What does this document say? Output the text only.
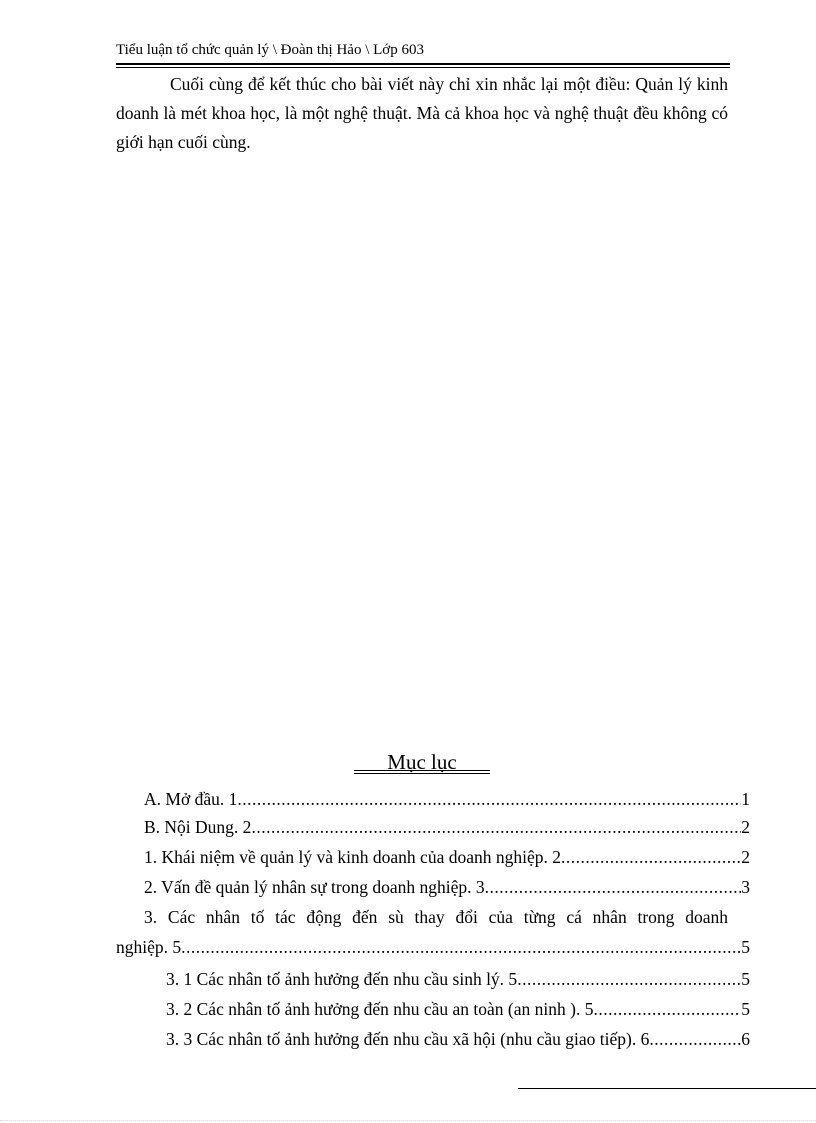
Tiểu luận tổ chức quản lý \ Đoàn thị Hảo \ Lớp 603

Cuối cùng để kết thúc cho bài viết này chỉ xin nhắc lại một điều: Quản lý kinh doanh là mét khoa học, là một nghệ thuật. Mà cả khoa học và nghệ thuật đều không có giới hạn cuối cùng.

Mục lục
A. Mở đầu. 1 .....	1
B. Nội Dung. 2 .....	2
1. Khái niệm về quản lý và kinh doanh của doanh nghiệp. 2 .....	2
2. Vấn đề quản lý nhân sự trong doanh nghiệp. 3 .....	3
3. Các nhân tố tác động đến sù thay đổi của từng cá nhân trong doanh
nghiệp. 5 .....	5
3. 1 Các nhân tố ảnh hưởng đến nhu cầu sinh lý. 5 .....	5
3. 2 Các nhân tố ảnh hưởng đến nhu cầu an toàn (an ninh ). 5 .....	5
3. 3 Các nhân tố ảnh hưởng đến nhu cầu xã hội (nhu cầu giao tiếp). 6 .....	6
